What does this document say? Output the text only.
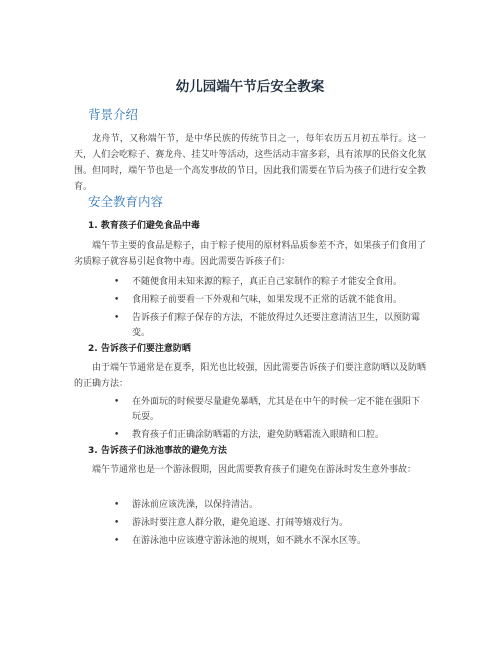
幼儿园端午节后安全教案
背景介绍
龙舟节，又称端午节，是中华民族的传统节日之一，每年农历五月初五举行。这一天，人们会吃粽子、赛龙舟、挂艾叶等活动，这些活动丰富多彩，具有浓厚的民俗文化氛围。但同时，端午节也是一个高发事故的节日，因此我们需要在节后为孩子们进行安全教育。
安全教育内容
1. 教育孩子们避免食品中毒
端午节主要的食品是粽子，由于粽子使用的原材料品质参差不齐，如果孩子们食用了劣质粽子就容易引起食物中毒。因此需要告诉孩子们：
• 不随便食用未知来源的粽子，真正自己家制作的粽子才能安全食用。
• 食用粽子前要看一下外观和气味，如果发现不正常的话就不能食用。
• 告诉孩子们粽子保存的方法，不能放得过久还要注意清洁卫生，以预防霉变。
2. 告诉孩子们要注意防晒
由于端午节通常是在夏季，阳光也比较强，因此需要告诉孩子们要注意防晒以及防晒的正确方法：
• 在外面玩的时候要尽量避免暴晒，尤其是在中午的时候一定不能在强阳下玩耍。
• 教育孩子们正确涂防晒霜的方法，避免防晒霜流入眼睛和口腔。
3. 告诉孩子们泳池事故的避免方法
端午节通常也是一个游泳假期，因此需要教育孩子们避免在游泳时发生意外事故：
• 游泳前应该洗澡，以保持清洁。
• 游泳时要注意人群分散，避免追逐、打闹等嬉戏行为。
• 在游泳池中应该遵守游泳池的规则，如不跳水不深水区等。
